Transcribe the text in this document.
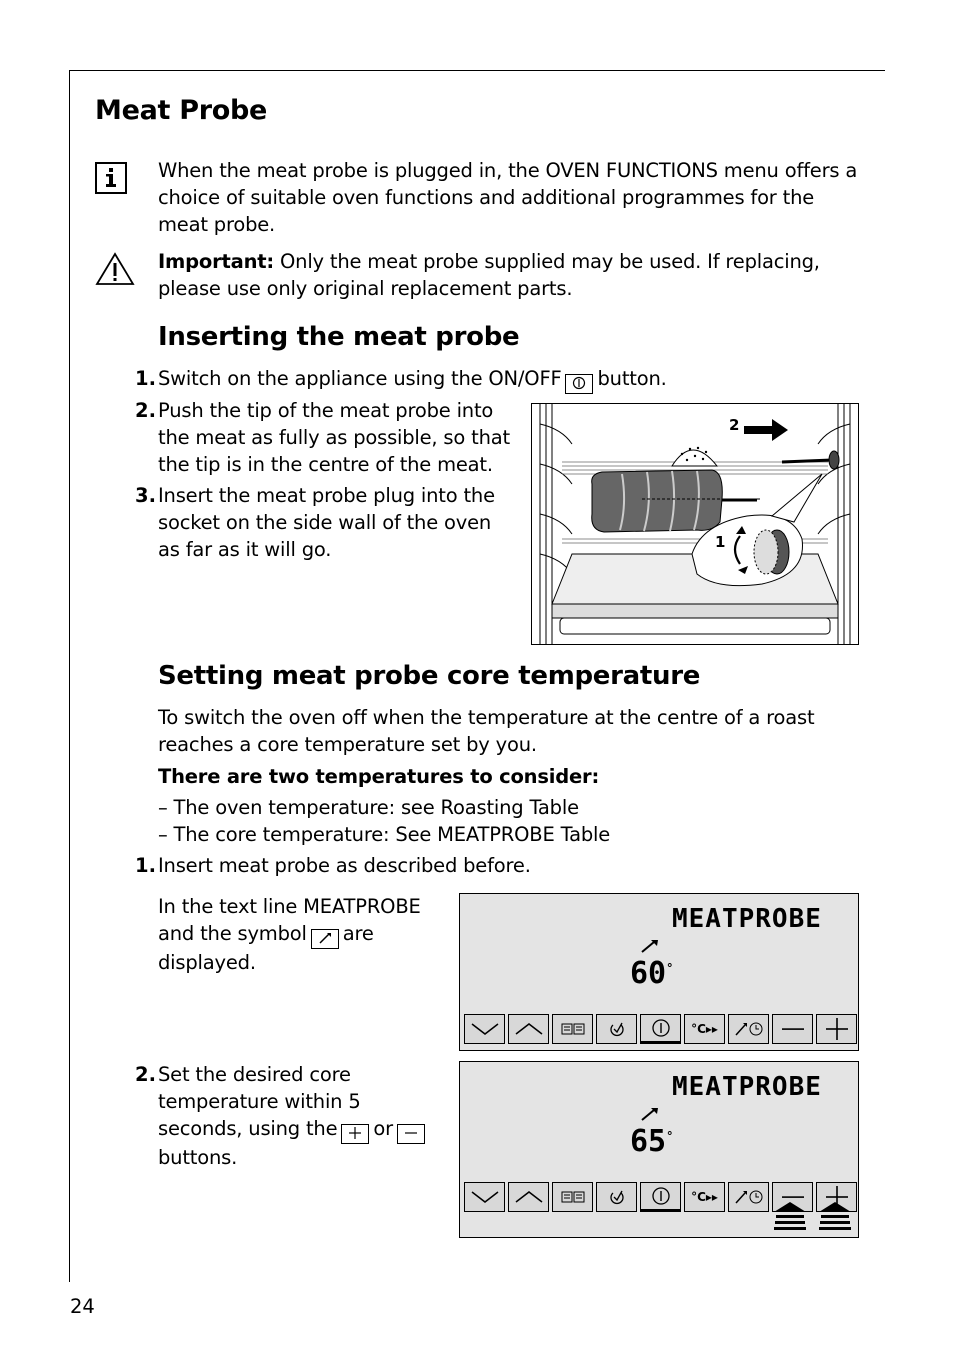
Meat Probe
When the meat probe is plugged in, the OVEN FUNCTIONS menu offers a choice of suitable oven functions and additional programmes for the meat probe.
Important: Only the meat probe supplied may be used. If replacing, please use only original replacement parts.
Inserting the meat probe
1. Switch on the appliance using the ON/OFF button.
2. Push the tip of the meat probe into the meat as fully as possible, so that the tip is in the centre of the meat.
3. Insert the meat probe plug into the socket on the side wall of the oven as far as it will go.
2
1
Setting meat probe core temperature
To switch the oven off when the temperature at the centre of a roast reaches a core temperature set by you.
There are two temperatures to consider:
– The oven temperature: see Roasting Table
– The core temperature: See MEATPROBE Table
1. Insert meat probe as described before.
In the text line MEATPROBE and the symbol are displayed.
2. Set the desired core temperature within 5 seconds, using the orbuttons.
MEATPROBE
60°
°C▸▸
MEATPROBE
65°
°C▸▸
24
